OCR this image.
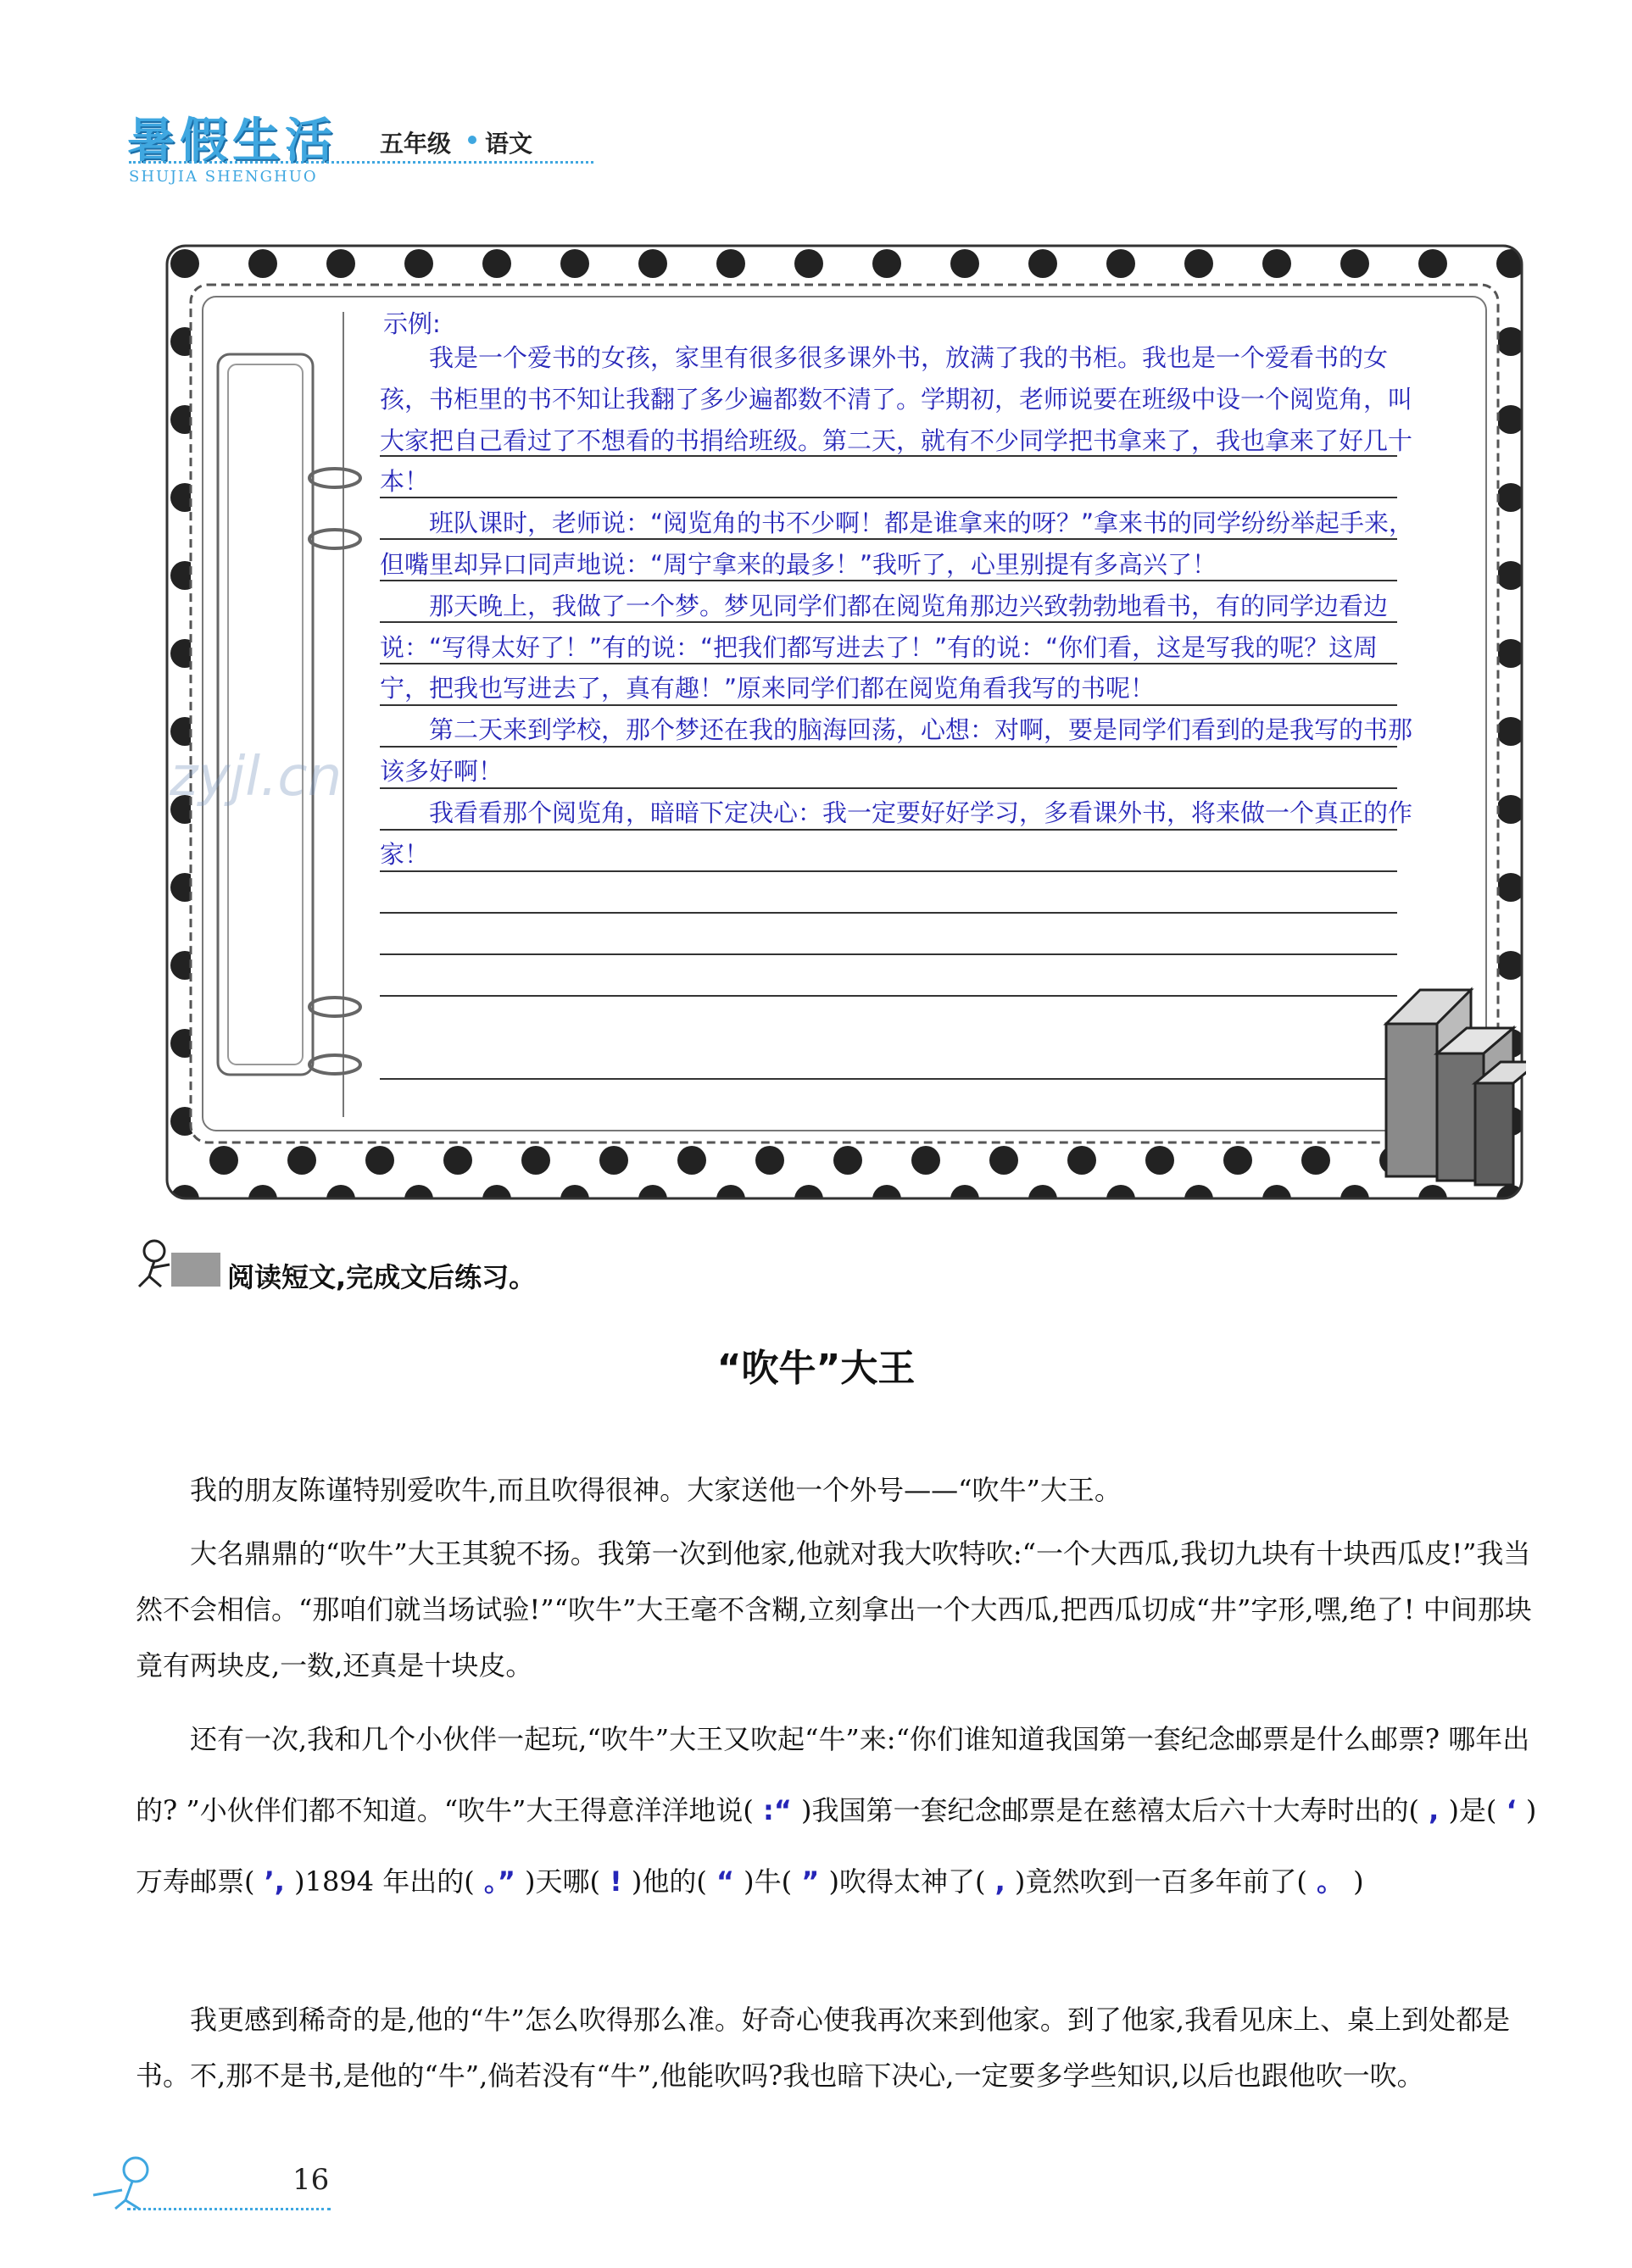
暑假生活 五年级 语文
SHUJIA SHENGHUO
示例:

我是一个爱书的女孩，家里有很多很多课外书，放满了我的书柜。我也是一个爱看书的女孩，书柜里的书不知让我翻了多少遍都数不清了。学期初，老师说要在班级中设一个阅览角，叫大家把自己看过了不想看的书捐给班级。第二天，就有不少同学把书拿来了，我也拿来了好几十本！

班队课时，老师说：“阅览角的书不少啊！都是谁拿来的呀？”拿来书的同学纷纷举起手来，但嘴里却异口同声地说：“周宁拿来的最多！”我听了，心里别提有多高兴了！

那天晚上，我做了一个梦。梦见同学们都在阅览角那边兴致勃勃地看书，有的同学边看边说：“写得太好了！”有的说：“把我们都写进去了！”有的说：“你们看，这是写我的呢？这周宁，把我也写进去了，真有趣！”原来同学们都在阅览角看我写的书呢！

第二天来到学校，那个梦还在我的脑海回荡，心想：对啊，要是同学们看到的是我写的书那该多好啊！

我看看那个阅览角，暗暗下定决心：我一定要好好学习，多看课外书，将来做一个真正的作家！

zyjl.cn
阅读短文,完成文后练习。
“吹牛”大王

我的朋友陈谨特别爱吹牛,而且吹得很神。大家送他一个外号——“吹牛”大王。

大名鼎鼎的“吹牛”大王其貌不扬。我第一次到他家,他就对我大吹特吹:“一个大西瓜,我切九块有十块西瓜皮!”我当然不会相信。“那咱们就当场试验!”“吹牛”大王毫不含糊,立刻拿出一个大西瓜,把西瓜切成“井”字形,嘿,绝了! 中间那块竟有两块皮,一数,还真是十块皮。

还有一次,我和几个小伙伴一起玩,“吹牛”大王又吹起“牛”来:“你们谁知道我国第一套纪念邮票是什么邮票? 哪年出的? ”小伙伴们都不知道。“吹牛”大王得意洋洋地说( :“ )我国第一套纪念邮票是在慈禧太后六十大寿时出的( , )是( ‘ )万寿邮票( ’, )1894 年出的( 。” )天哪( ! )他的( “ )牛( ” )吹得太神了( , )竟然吹到一百多年前了( 。 )

我更感到稀奇的是,他的“牛”怎么吹得那么准。好奇心使我再次来到他家。到了他家,我看见床上、桌上到处都是书。不,那不是书,是他的“牛”,倘若没有“牛”,他能吹吗?我也暗下决心,一定要多学些知识,以后也跟他吹一吹。

16
